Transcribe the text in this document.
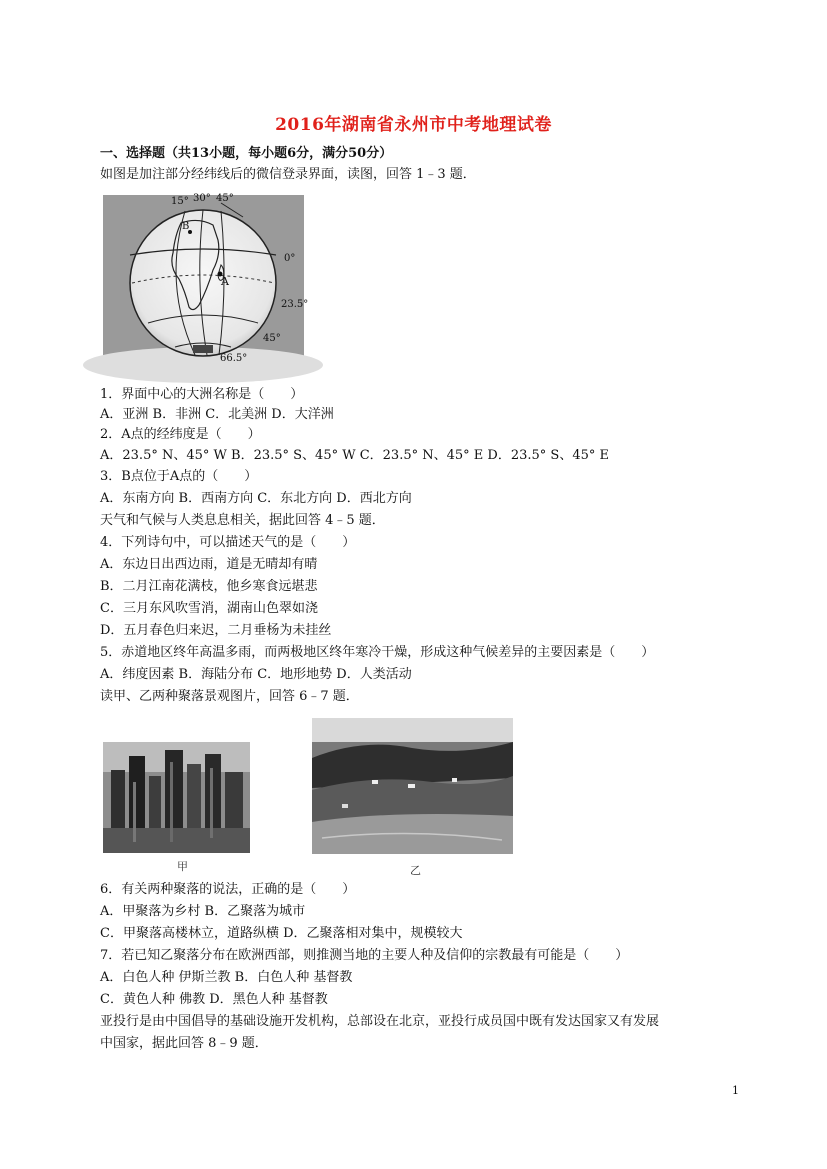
2016年湖南省永州市中考地理试卷
一、选择题（共13小题，每小题6分，满分50分）
如图是加注部分经纬线后的微信登录界面，读图，回答 1﹣3 题．
15° 30° 45°
B
A
0°
23.5°
45°
66.5°
1．界面中心的大洲名称是（　　）
A．亚洲 B．非洲 C．北美洲 D．大洋洲
2．A点的经纬度是（　　）
A．23.5° N、45° W B．23.5° S、45° W C．23.5° N、45° E D．23.5° S、45° E
3．B点位于A点的（　　）
A．东南方向 B．西南方向 C．东北方向 D．西北方向
天气和气候与人类息息相关，据此回答 4﹣5 题．
4．下列诗句中，可以描述天气的是（　　）
A．东边日出西边雨，道是无晴却有晴
B．二月江南花满枝，他乡寒食远堪悲
C．三月东风吹雪消，湖南山色翠如浇
D．五月春色归来迟，二月垂杨为未挂丝
5．赤道地区终年高温多雨，而两极地区终年寒冷干燥，形成这种气候差异的主要因素是（　　）
A．纬度因素 B．海陆分布 C．地形地势 D．人类活动
读甲、乙两种聚落景观图片，回答 6﹣7 题．
甲	乙
6．有关两种聚落的说法，正确的是（　　）
A．甲聚落为乡村 B．乙聚落为城市
C．甲聚落高楼林立，道路纵横 D．乙聚落相对集中，规模较大
7．若已知乙聚落分布在欧洲西部，则推测当地的主要人种及信仰的宗教最有可能是（　　）
A．白色人种 伊斯兰教 B．白色人种 基督教
C．黄色人种 佛教 D．黑色人种 基督教
亚投行是由中国倡导的基础设施开发机构，总部设在北京，亚投行成员国中既有发达国家又有发展
中国家，据此回答 8﹣9 题．
1
